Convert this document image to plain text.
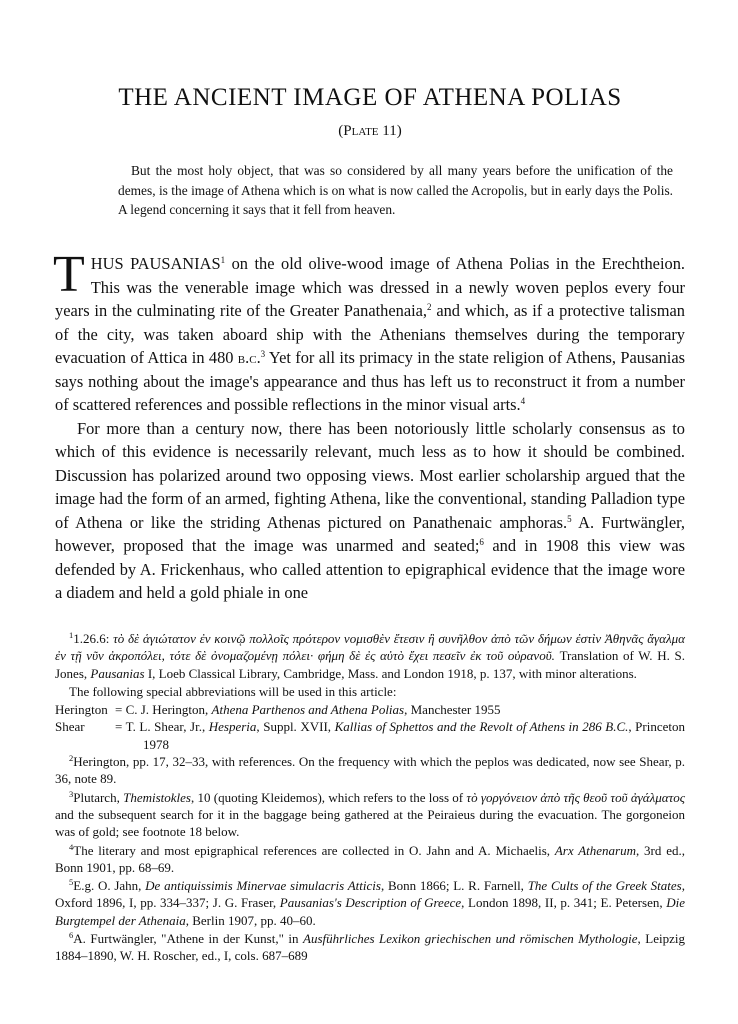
THE ANCIENT IMAGE OF ATHENA POLIAS
(Plate 11)
But the most holy object, that was so considered by all many years before the unification of the demes, is the image of Athena which is on what is now called the Acropolis, but in early days the Polis. A legend concerning it says that it fell from heaven.

THUS PAUSANIAS$^1$ on the old olive-wood image of Athena Polias in the Erechtheion. This was the venerable image which was dressed in a newly woven peplos every four years in the culminating rite of the Greater Panathenaia,$^2$ and which, as if a protective talisman of the city, was taken aboard ship with the Athenians themselves during the temporary evacuation of Attica in 480 b.c.$^3$ Yet for all its primacy in the state religion of Athens, Pausanias says nothing about the image's appearance and thus has left us to reconstruct it from a number of scattered references and possible reflections in the minor visual arts.$^4$

For more than a century now, there has been notoriously little scholarly consensus as to which of this evidence is necessarily relevant, much less as to how it should be combined. Discussion has polarized around two opposing views. Most earlier scholarship argued that the image had the form of an armed, fighting Athena, like the conventional, standing Palladion type of Athena or like the striding Athenas pictured on Panathenaic amphoras.$^5$ A. Furtwängler, however, proposed that the image was unarmed and seated;$^6$ and in 1908 this view was defended by A. Frickenhaus, who called attention to epigraphical evidence that the image wore a diadem and held a gold phiale in one

$^1$1.26.6: τὸ δὲ ἁγιώτατον ἐν κοινῷ πολλοῖς πρότερον νομισθὲν ἔτεσιν ἢ συνῆλθον ἀπὸ τῶν δήμων ἐστὶν Ἀθηνᾶς ἄγαλμα ἐν τῇ νῦν ἀκροπόλει, τότε δὲ ὀνομαζομένῃ πόλει· φήμη δὲ ἐς αὐτὸ ἔχει πεσεῖν ἐκ τοῦ οὐρανοῦ. Translation of W. H. S. Jones, Pausanias I, Loeb Classical Library, Cambridge, Mass. and London 1918, p. 137, with minor alterations.

The following special abbreviations will be used in this article:

Herington = C. J. Herington, Athena Parthenos and Athena Polias, Manchester 1955
Shear	= T. L. Shear, Jr., Hesperia, Suppl. XVII, Kallias of Sphettos and the Revolt of Athens in 286 B.C., Princeton 1978

$^2$Herington, pp. 17, 32–33, with references. On the frequency with which the peplos was dedicated, now see Shear, p. 36, note 89.

$^3$Plutarch, Themistokles, 10 (quoting Kleidemos), which refers to the loss of τὸ γοργόνειον ἀπὸ τῆς θεοῦ τοῦ ἀγάλματος and the subsequent search for it in the baggage being gathered at the Peiraieus during the evacuation. The gorgoneion was of gold; see footnote 18 below.

$^4$The literary and most epigraphical references are collected in O. Jahn and A. Michaelis, Arx Athenarum, 3rd ed., Bonn 1901, pp. 68–69.

$^5$E.g. O. Jahn, De antiquissimis Minervae simulacris Atticis, Bonn 1866; L. R. Farnell, The Cults of the Greek States, Oxford 1896, I, pp. 334–337; J. G. Fraser, Pausanias's Description of Greece, London 1898, II, p. 341; E. Petersen, Die Burgtempel der Athenaia, Berlin 1907, pp. 40–60.

$^6$A. Furtwängler, "Athene in der Kunst," in Ausführliches Lexikon griechischen und römischen Mythologie, Leipzig 1884–1890, W. H. Roscher, ed., I, cols. 687–689
